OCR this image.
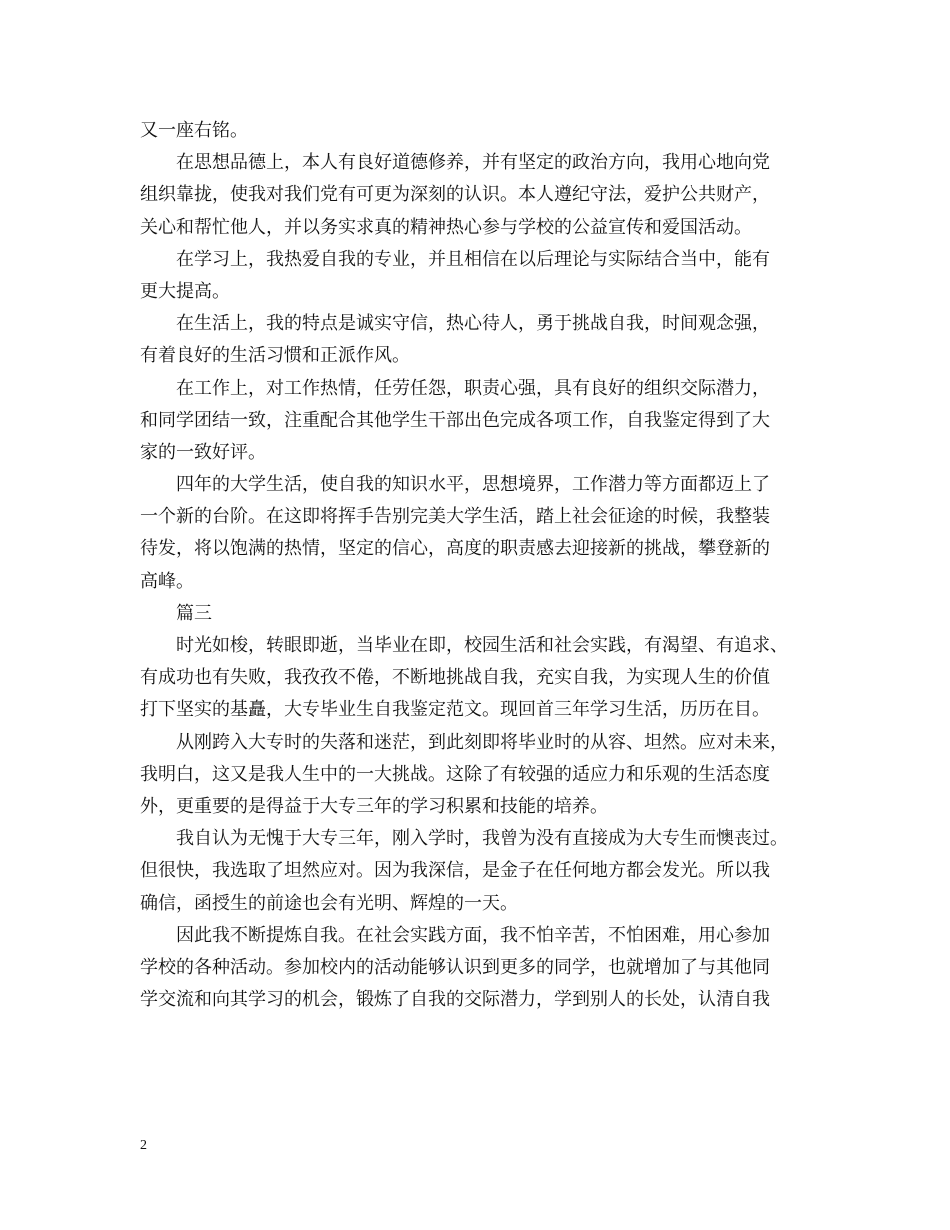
又一座右铭。
在思想品德上，本人有良好道德修养，并有坚定的政治方向，我用心地向党
组织靠拢，使我对我们党有可更为深刻的认识。本人遵纪守法，爱护公共财产，
关心和帮忙他人，并以务实求真的精神热心参与学校的公益宣传和爱国活动。
在学习上，我热爱自我的专业，并且相信在以后理论与实际结合当中，能有
更大提高。
在生活上，我的特点是诚实守信，热心待人，勇于挑战自我，时间观念强，
有着良好的生活习惯和正派作风。
在工作上，对工作热情，任劳任怨，职责心强，具有良好的组织交际潜力，
和同学团结一致，注重配合其他学生干部出色完成各项工作，自我鉴定得到了大
家的一致好评。
四年的大学生活，使自我的知识水平，思想境界，工作潜力等方面都迈上了
一个新的台阶。在这即将挥手告别完美大学生活，踏上社会征途的时候，我整装
待发，将以饱满的热情，坚定的信心，高度的职责感去迎接新的挑战，攀登新的
高峰。
篇三
时光如梭，转眼即逝，当毕业在即，校园生活和社会实践，有渴望、有追求、
有成功也有失败，我孜孜不倦，不断地挑战自我，充实自我，为实现人生的价值
打下坚实的基矗，大专毕业生自我鉴定范文。现回首三年学习生活，历历在目。
从刚跨入大专时的失落和迷茫，到此刻即将毕业时的从容、坦然。应对未来，
我明白，这又是我人生中的一大挑战。这除了有较强的适应力和乐观的生活态度
外，更重要的是得益于大专三年的学习积累和技能的培养。
我自认为无愧于大专三年，刚入学时，我曾为没有直接成为大专生而懊丧过。
但很快，我选取了坦然应对。因为我深信，是金子在任何地方都会发光。所以我
确信，函授生的前途也会有光明、辉煌的一天。
因此我不断提炼自我。在社会实践方面，我不怕辛苦，不怕困难，用心参加
学校的各种活动。参加校内的活动能够认识到更多的同学，也就增加了与其他同
学交流和向其学习的机会，锻炼了自我的交际潜力，学到别人的长处，认清自我
2
